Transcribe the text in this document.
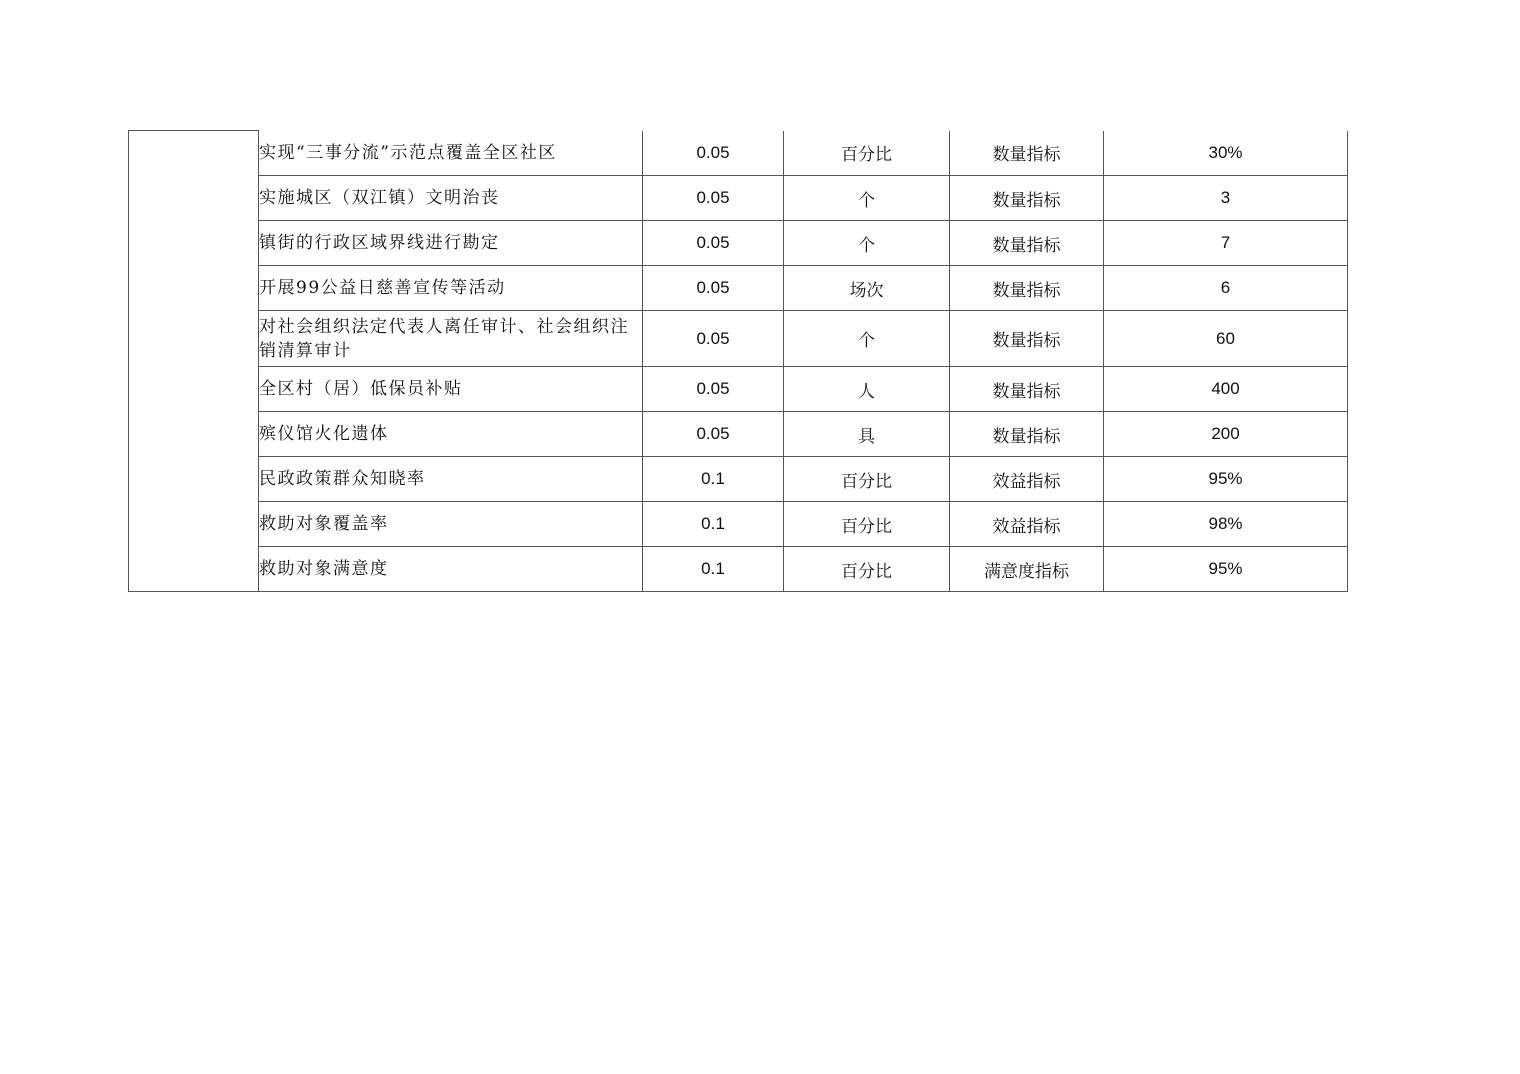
	实现“三事分流”示范点覆盖全区社区	0.05	百分比	数量指标	30%
	实施城区（双江镇）文明治丧	0.05	个	数量指标	3
	镇街的行政区域界线进行勘定	0.05	个	数量指标	7
	开展99公益日慈善宣传等活动	0.05	场次	数量指标	6
	对社会组织法定代表人离任审计、社会组织注销清算审计	0.05	个	数量指标	60
	全区村（居）低保员补贴	0.05	人	数量指标	400
	殡仪馆火化遗体	0.05	具	数量指标	200
	民政政策群众知晓率	0.1	百分比	效益指标	95%
	救助对象覆盖率	0.1	百分比	效益指标	98%
	救助对象满意度	0.1	百分比	满意度指标	95%
